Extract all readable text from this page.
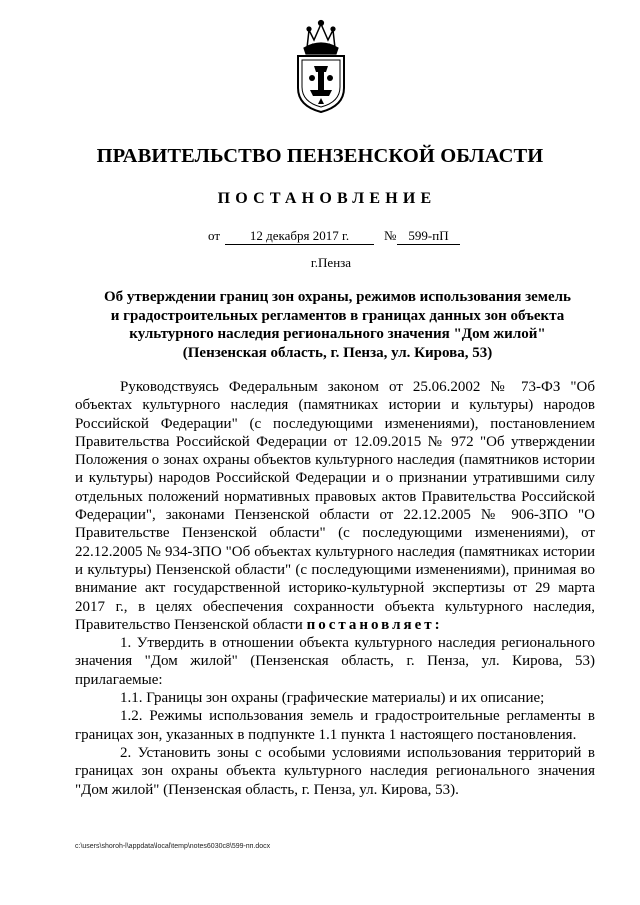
ПРАВИТЕЛЬСТВО ПЕНЗЕНСКОЙ ОБЛАСТИ
ПОСТАНОВЛЕНИЕ
от	12 декабря 2017 г.	№ 599-пП
г.Пенза
Об утверждении границ зон охраны, режимов использования земель
и градостроительных регламентов в границах данных зон объекта
культурного наследия регионального значения "Дом жилой"
(Пензенская область, г. Пенза, ул. Кирова, 53)

Руководствуясь Федеральным законом от 25.06.2002 № 73-ФЗ "Об объектах культурного наследия (памятниках истории и культуры) народов Российской Федерации" (с последующими изменениями), постановлением Правительства Российской Федерации от 12.09.2015 № 972 "Об утверждении Положения о зонах охраны объектов культурного наследия (памятников истории и культуры) народов Российской Федерации и о признании утратившими силу отдельных положений нормативных правовых актов Правительства Российской Федерации", законами Пензенской области от 22.12.2005 № 906-ЗПО "О Правительстве Пензенской области" (с последующими изменениями), от 22.12.2005 № 934-ЗПО "Об объектах культурного наследия (памятниках истории и культуры) Пензенской области" (с последующими изменениями), принимая во внимание акт государственной историко-культурной экспертизы от 29 марта 2017 г., в целях обеспечения сохранности объекта культурного наследия, Правительство Пензенской области постановляет:

1. Утвердить в отношении объекта культурного наследия регионального значения "Дом жилой" (Пензенская область, г. Пенза, ул. Кирова, 53) прилагаемые:

1.1. Границы зон охраны (графические материалы) и их описание;

1.2. Режимы использования земель и градостроительные регламенты в границах зон, указанных в подпункте 1.1 пункта 1 настоящего постановления.

2. Установить зоны с особыми условиями использования территорий в границах зон охраны объекта культурного наследия регионального значения "Дом жилой" (Пензенская область, г. Пенза, ул. Кирова, 53).

c:\users\shoroh-l\appdata\local\temp\notes6030c8\599-пп.docx
